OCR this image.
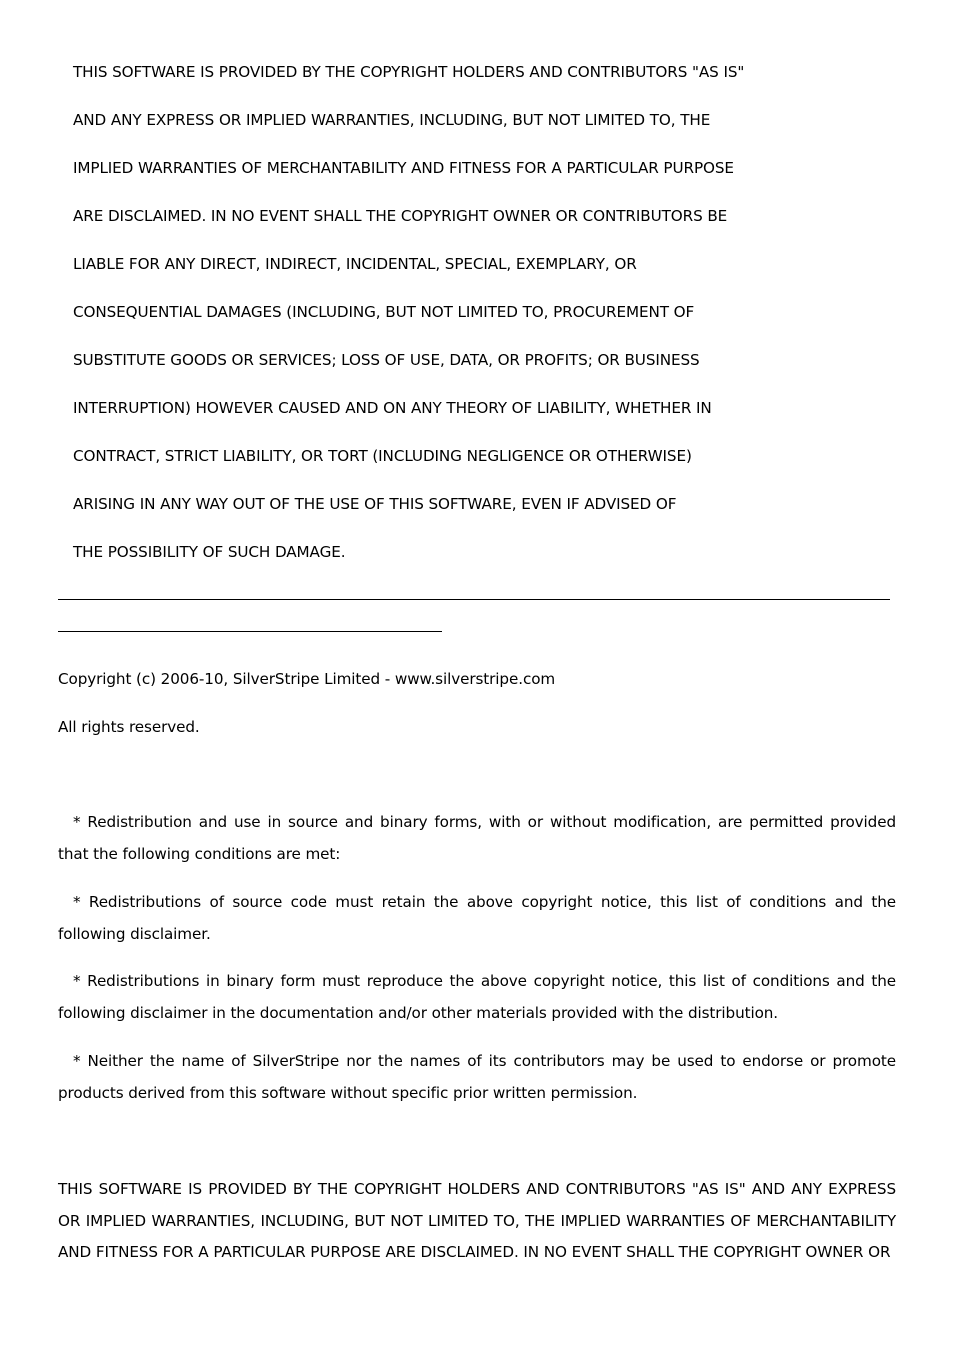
THIS SOFTWARE IS PROVIDED BY THE COPYRIGHT HOLDERS AND CONTRIBUTORS "AS IS"
AND ANY EXPRESS OR IMPLIED WARRANTIES, INCLUDING, BUT NOT LIMITED TO, THE
IMPLIED WARRANTIES OF MERCHANTABILITY AND FITNESS FOR A PARTICULAR PURPOSE
ARE DISCLAIMED. IN NO EVENT SHALL THE COPYRIGHT OWNER OR CONTRIBUTORS BE
LIABLE FOR ANY DIRECT, INDIRECT, INCIDENTAL, SPECIAL, EXEMPLARY, OR
CONSEQUENTIAL DAMAGES (INCLUDING, BUT NOT LIMITED TO, PROCUREMENT OF
SUBSTITUTE GOODS OR SERVICES; LOSS OF USE, DATA, OR PROFITS; OR BUSINESS
INTERRUPTION) HOWEVER CAUSED AND ON ANY THEORY OF LIABILITY, WHETHER IN
CONTRACT, STRICT LIABILITY, OR TORT (INCLUDING NEGLIGENCE OR OTHERWISE)
ARISING IN ANY WAY OUT OF THE USE OF THIS SOFTWARE, EVEN IF ADVISED OF
THE POSSIBILITY OF SUCH DAMAGE.
Copyright (c) 2006-10, SilverStripe Limited - www.silverstripe.com
All rights reserved.
* Redistribution and use in source and binary forms, with or without modification, are permitted provided that the following conditions are met:
* Redistributions of source code must retain the above copyright notice, this list of conditions and the following disclaimer.
* Redistributions in binary form must reproduce the above copyright notice, this list of conditions and the following disclaimer in the documentation and/or other materials provided with the distribution.
* Neither the name of SilverStripe nor the names of its contributors may be used to endorse or promote products derived from this software without specific prior written permission.
THIS SOFTWARE IS PROVIDED BY THE COPYRIGHT HOLDERS AND CONTRIBUTORS "AS IS" AND ANY EXPRESS OR IMPLIED WARRANTIES, INCLUDING, BUT NOT LIMITED TO, THE IMPLIED WARRANTIES OF MERCHANTABILITY AND FITNESS FOR A PARTICULAR PURPOSE ARE DISCLAIMED. IN NO EVENT SHALL THE COPYRIGHT OWNER OR
